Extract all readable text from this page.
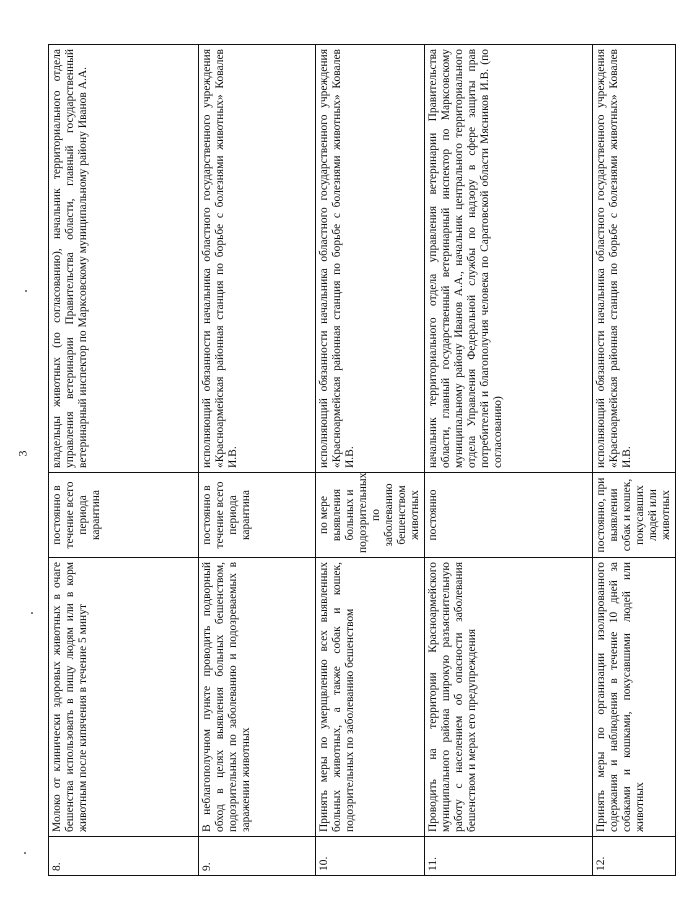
3
8.	Молоко от клинически здоровых животных в очаге бешенства использовать в пищу людям или в корм животным после кипячения в течение 5 минут	постоянно в течение всего периода карантина	владельцы животных (по согласованию), начальник территориального отдела управления ветеринарии Правительства области, главный государственный ветеринарный инспектор по Марксовскому муниципальному району Иванов А.А.
9.	В неблагополучном пункте проводить подворный обход в целях выявления больных бешенством, подозрительных по заболеванию и подозреваемых в заражении животных	постоянно в течение всего периода карантина	исполняющий обязанности начальника областного государственного учреждения «Красноармейская районная станция по борьбе с болезнями животных» Ковалев И.В.
10.	Принять меры по умерщвлению всех выявленных больных животных, а также собак и кошек, подозрительных по заболеванию бешенством	по мере выявления больных и подозрительных по заболеванию бешенством животных	исполняющий обязанности начальника областного государственного учреждения «Красноармейская районная станция по борьбе с болезнями животных» Ковалев И.В.
11.	Проводить на территории Красноармейского муниципального района широкую разъяснительную работу с населением об опасности заболевания бешенством и мерах его предупреждения	постоянно	начальник территориального отдела управления ветеринарии Правительства области, главный государственный ветеринарный инспектор по Марксовскому муниципальному району Иванов А.А., начальник центрального территориального отдела Управления Федеральной службы по надзору в сфере защиты прав потребителей и благополучия человека по Саратовской области Мясников И.В. (по согласованию)
12.	Принять меры по организации изолированного содержания и наблюдения в течение 10 дней за собаками и кошками, покусавшими людей или животных	постоянно, при выявлении собак и кошек, покусавших людей или животных	исполняющий обязанности начальника областного государственного учреждения «Красноармейская районная станция по борьбе с болезнями животных» Ковалев И.В.
